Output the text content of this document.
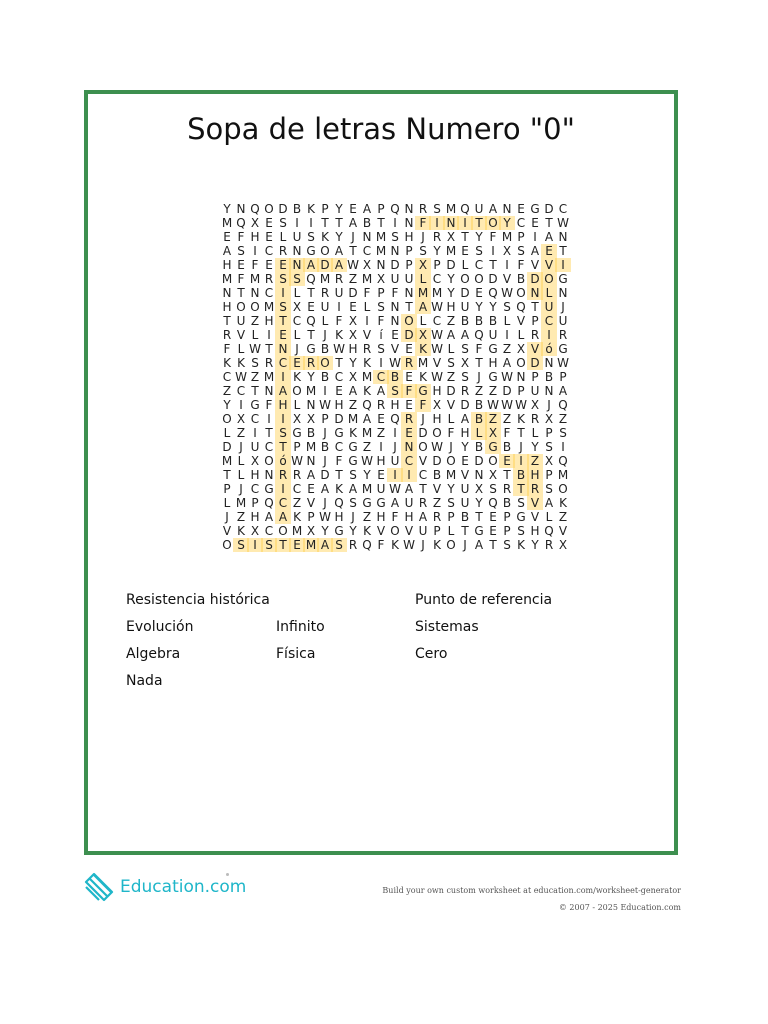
Sopa de letras Numero "0"
Y N Q O D B K P Y E A P Q N R S M Q U A N E G D C
M Q X E S I I T T A B T I N F I N I T O Y C E T W
E F H E L U S K Y J N M S H J R X T Y F M P I A N
A S I C R N G O A T C M N P S Y M E S I X S A E T
H E F E E N A D A W X N D P X P D L C T I F V V I
M F M R S S Q M R Z M X U U L C Y O O D V B D O G
N T N C I L T R U D F P F N M M Y D E Q W O N L N
H O O M S X E U I E L S N T A W H U Y Y S Q T U J
T U Z H T C Q L F X I F N O L C Z B B B L V P C U
R V L I E L T J K X V í E D X W A A Q U I L R I R
F L W T N J G B W H R S V E K W L S F G Z X V ó G
K K S R C E R O T Y K I W R M V S X T H A O D N W
C W Z M I K Y B C X M C B E K W Z S J G W N P B P
Z C T N A O M I E A K A S F G H D R Z Z D P U N A
Y I G F H L N W H Z Q R H E F X V D B W W W X J Q
O X C I I X X P D M A E Q R J H L A B Z Z K R X Z
L Z I T S G B J G K M Z I E D O F H L X F T L P S
D J U C T P M B C G Z I J N O W J Y B G B J Y S I
M L X O ó W N J F G W H U C V D O E D O E I Z X Q
T L H N R R A D T S Y E I I C B M V N X T B H P M
P J C G I C E A K A M U W A T V Y U X S R T R S O
L M P Q C Z V J Q S G G A U R Z S U Y Q B S V A K
J Z H A A K P W H J Z H F H A R P B T E P G V L Z
V K X C O M X Y G Y K V O V U P L T G E P S H Q V
O S I S T E M A S R Q F K W J K O J A T S K Y R X
Resistencia histórica	Punto de referencia
Evolución	Infinito	Sistemas
Algebra	Física	Cero
Nada
Education.com	Build your own custom worksheet at education.com/worksheet-generator
© 2007 - 2025 Education.com
